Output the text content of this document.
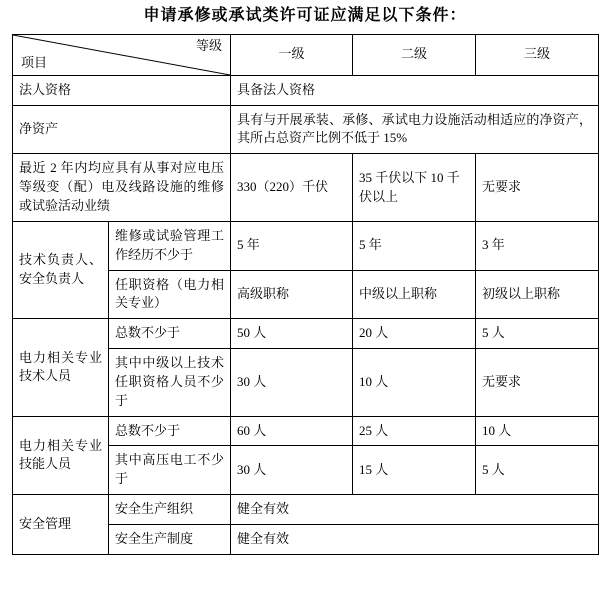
申请承修或承试类许可证应满足以下条件：
等级
项目		一级	二级	三级
法人资格		具备法人资格		
净资产		具有与开展承装、承修、承试电力设施活动相适应的净资产，其所占总资产比例不低于 15%		
最近 2 年内均应具有从事对应电压等级变（配）电及线路设施的维修或试验活动业绩		330（220）千伏	35 千伏以下 10 千伏以上	无要求
技术负责人、安全负责人	维修或试验管理工作经历不少于	5 年	5 年	3 年
	任职资格（电力相关专业）	高级职称	中级以上职称	初级以上职称
电力相关专业技术人员	总数不少于	50 人	20 人	5 人
	其中中级以上技术任职资格人员不少于	30 人	10 人	无要求
电力相关专业技能人员	总数不少于	60 人	25 人	10 人
	其中高压电工不少于	30 人	15 人	5 人
安全管理	安全生产组织	健全有效		
	安全生产制度	健全有效		
